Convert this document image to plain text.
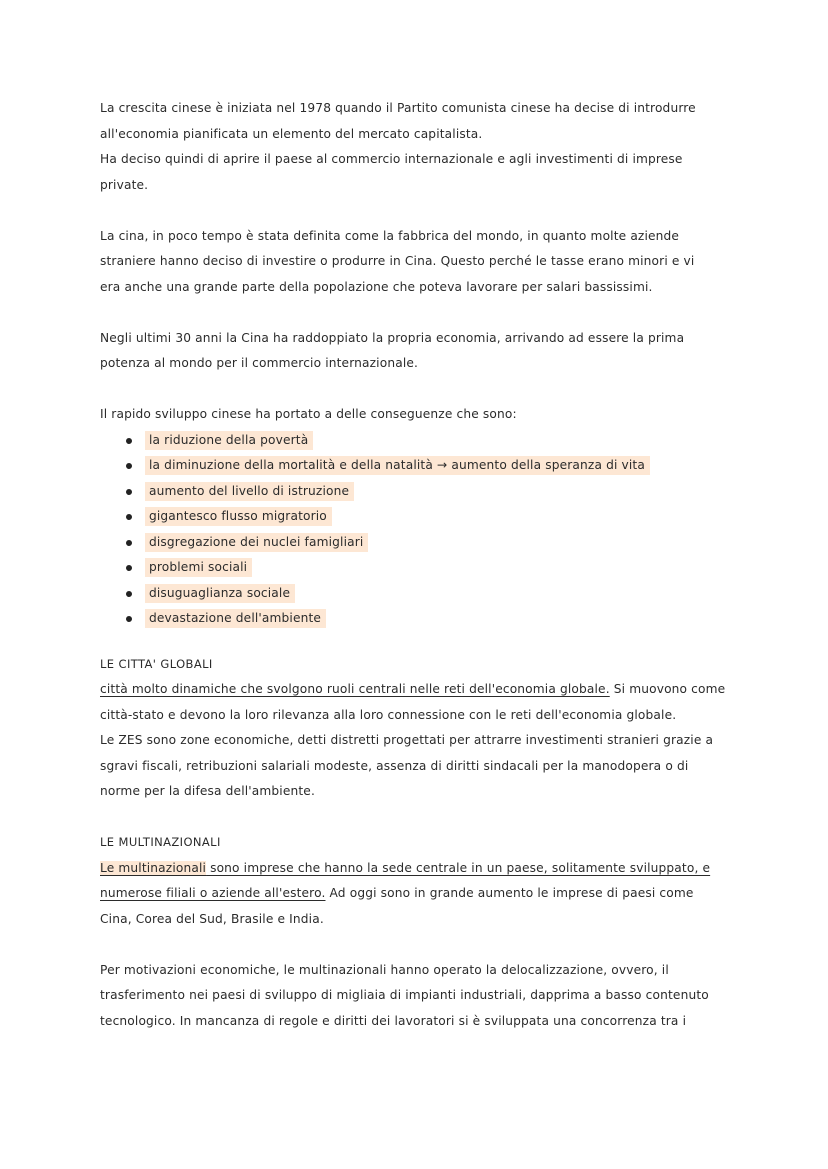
La crescita cinese è iniziata nel 1978 quando il Partito comunista cinese ha decise di introdurre
all'economia pianificata un elemento del mercato capitalista.
Ha deciso quindi di aprire il paese al commercio internazionale e agli investimenti di imprese
private.
La cina, in poco tempo è stata definita come la fabbrica del mondo, in quanto molte aziende
straniere hanno deciso di investire o produrre in Cina. Questo perché le tasse erano minori e vi
era anche una grande parte della popolazione che poteva lavorare per salari bassissimi.
Negli ultimi 30 anni la Cina ha raddoppiato la propria economia, arrivando ad essere la prima
potenza al mondo per il commercio internazionale.
Il rapido sviluppo cinese ha portato a delle conseguenze che sono:
la riduzione della povertà
la diminuzione della mortalità e della natalità → aumento della speranza di vita
aumento del livello di istruzione
gigantesco flusso migratorio
disgregazione dei nuclei famigliari
problemi sociali
disuguaglianza sociale
devastazione dell'ambiente
LE CITTA' GLOBALI
città molto dinamiche che svolgono ruoli centrali nelle reti dell'economia globale. Si muovono come
città-stato e devono la loro rilevanza alla loro connessione con le reti dell'economia globale.
Le ZES sono zone economiche, detti distretti progettati per attrarre investimenti stranieri grazie a
sgravi fiscali, retribuzioni salariali modeste, assenza di diritti sindacali per la manodopera o di
norme per la difesa dell'ambiente.
LE MULTINAZIONALI
Le multinazionali sono imprese che hanno la sede centrale in un paese, solitamente sviluppato, e
numerose filiali o aziende all'estero. Ad oggi sono in grande aumento le imprese di paesi come
Cina, Corea del Sud, Brasile e India.
Per motivazioni economiche, le multinazionali hanno operato la delocalizzazione, ovvero, il
trasferimento nei paesi di sviluppo di migliaia di impianti industriali, dapprima a basso contenuto
tecnologico. In mancanza di regole e diritti dei lavoratori si è sviluppata una concorrenza tra i
